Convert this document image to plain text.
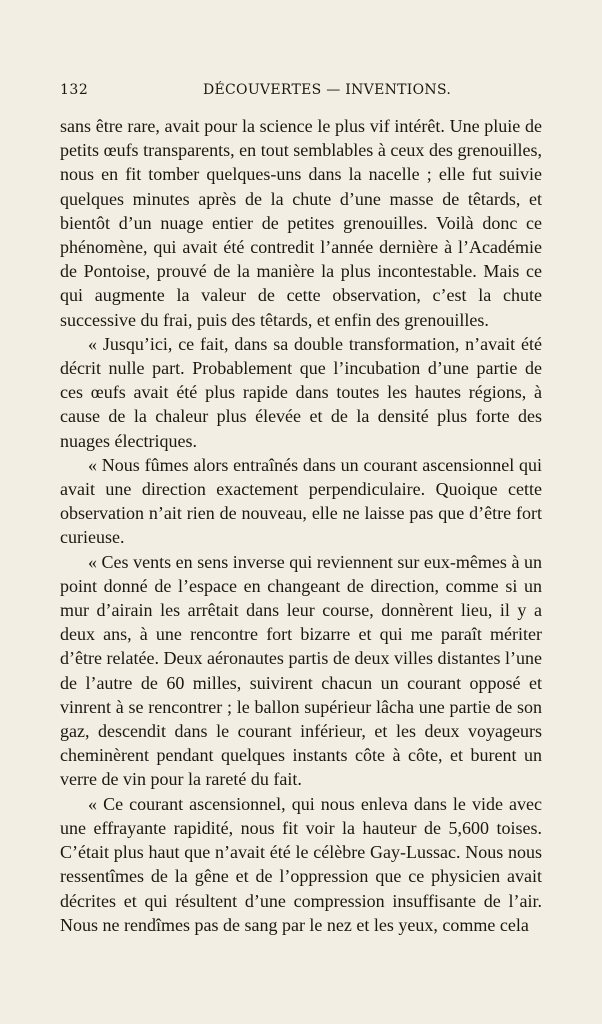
132	DÉCOUVERTES — INVENTIONS.

sans être rare, avait pour la science le plus vif intérêt. Une pluie de petits œufs transparents, en tout semblables à ceux des grenouilles, nous en fit tomber quelques-uns dans la nacelle ; elle fut suivie quelques minutes après de la chute d’une masse de têtards, et bientôt d’un nuage entier de petites grenouilles. Voilà donc ce phénomène, qui avait été contredit l’année dernière à l’Académie de Pontoise, prouvé de la manière la plus incontestable. Mais ce qui augmente la valeur de cette observation, c’est la chute successive du frai, puis des têtards, et enfin des grenouilles.

« Jusqu’ici, ce fait, dans sa double transformation, n’avait été décrit nulle part. Probablement que l’incubation d’une partie de ces œufs avait été plus rapide dans toutes les hautes régions, à cause de la chaleur plus élevée et de la densité plus forte des nuages électriques.

« Nous fûmes alors entraînés dans un courant ascensionnel qui avait une direction exactement perpendiculaire. Quoique cette observation n’ait rien de nouveau, elle ne laisse pas que d’être fort curieuse.

« Ces vents en sens inverse qui reviennent sur eux-mêmes à un point donné de l’espace en changeant de direction, comme si un mur d’airain les arrêtait dans leur course, donnèrent lieu, il y a deux ans, à une rencontre fort bizarre et qui me paraît mériter d’être relatée. Deux aéronautes partis de deux villes distantes l’une de l’autre de 60 milles, suivirent chacun un courant opposé et vinrent à se rencontrer ; le ballon supérieur lâcha une partie de son gaz, descendit dans le courant inférieur, et les deux voyageurs cheminèrent pendant quelques instants côte à côte, et burent un verre de vin pour la rareté du fait.

« Ce courant ascensionnel, qui nous enleva dans le vide avec une effrayante rapidité, nous fit voir la hauteur de 5,600 toises. C’était plus haut que n’avait été le célèbre Gay-Lussac. Nous nous ressentîmes de la gêne et de l’oppression que ce physicien avait décrites et qui résultent d’une compression insuffisante de l’air. Nous ne rendîmes pas de sang par le nez et les yeux, comme cela
